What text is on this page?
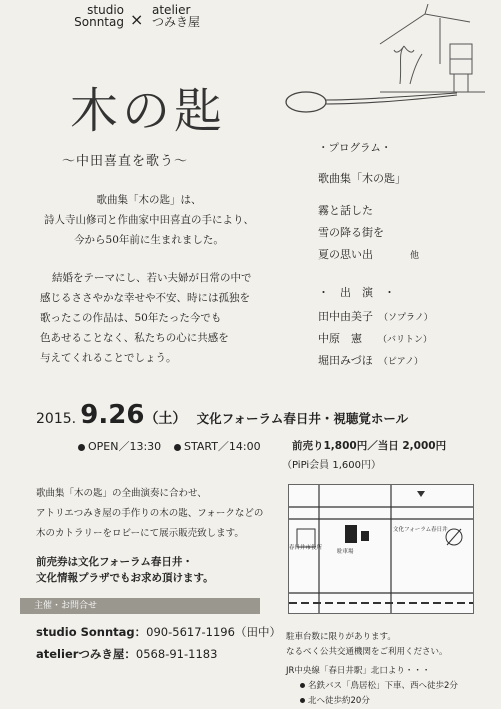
studio
Sonntag × atelier
つみき屋
木の匙
〜中田喜直を歌う〜
歌曲集「木の匙」は、
詩人寺山修司と作曲家中田喜直の手により、
今から50年前に生まれました。
結婚をテーマにし、若い夫婦が日常の中で
感じるささやかな幸せや不安、時には孤独を
歌ったこの作品は、50年たった今でも
色あせることなく、私たちの心に共感を
与えてくれることでしょう。
・プログラム・
歌曲集「木の匙」
霧と話した
雪の降る街を
夏の思い出	他
・　出　演　・
田中由美子 （ソプラノ）
中原　憲 （バリトン）
堀田みづほ （ピアノ）
2015. 9.26（土） 文化フォーラム春日井・視聴覚ホール
OPEN／13:30	START／14:00	前売り1,800円／当日 2,000円
（PiPi会員 1,600円）
歌曲集「木の匙」の全曲演奏に合わせ、
アトリエつみき屋の手作りの木の匙、フォークなどの
木のカトラリーをロビーにて展示販売致します。
前売券は文化フォーラム春日井・
文化情報プラザでもお求め頂けます。
主催・お問合せ
studio Sonntag：090-5617-1196（田中）
atelierつみき屋：0568-91-1183
春日井市役所
文化フォーラム春日井
駐車場
駐車台数に限りがあります。
なるべく公共交通機関をご利用ください。
JR中央線「春日井駅」北口より・・・
名鉄バス「鳥居松」下車、西へ徒歩2分
北へ徒歩約20分
